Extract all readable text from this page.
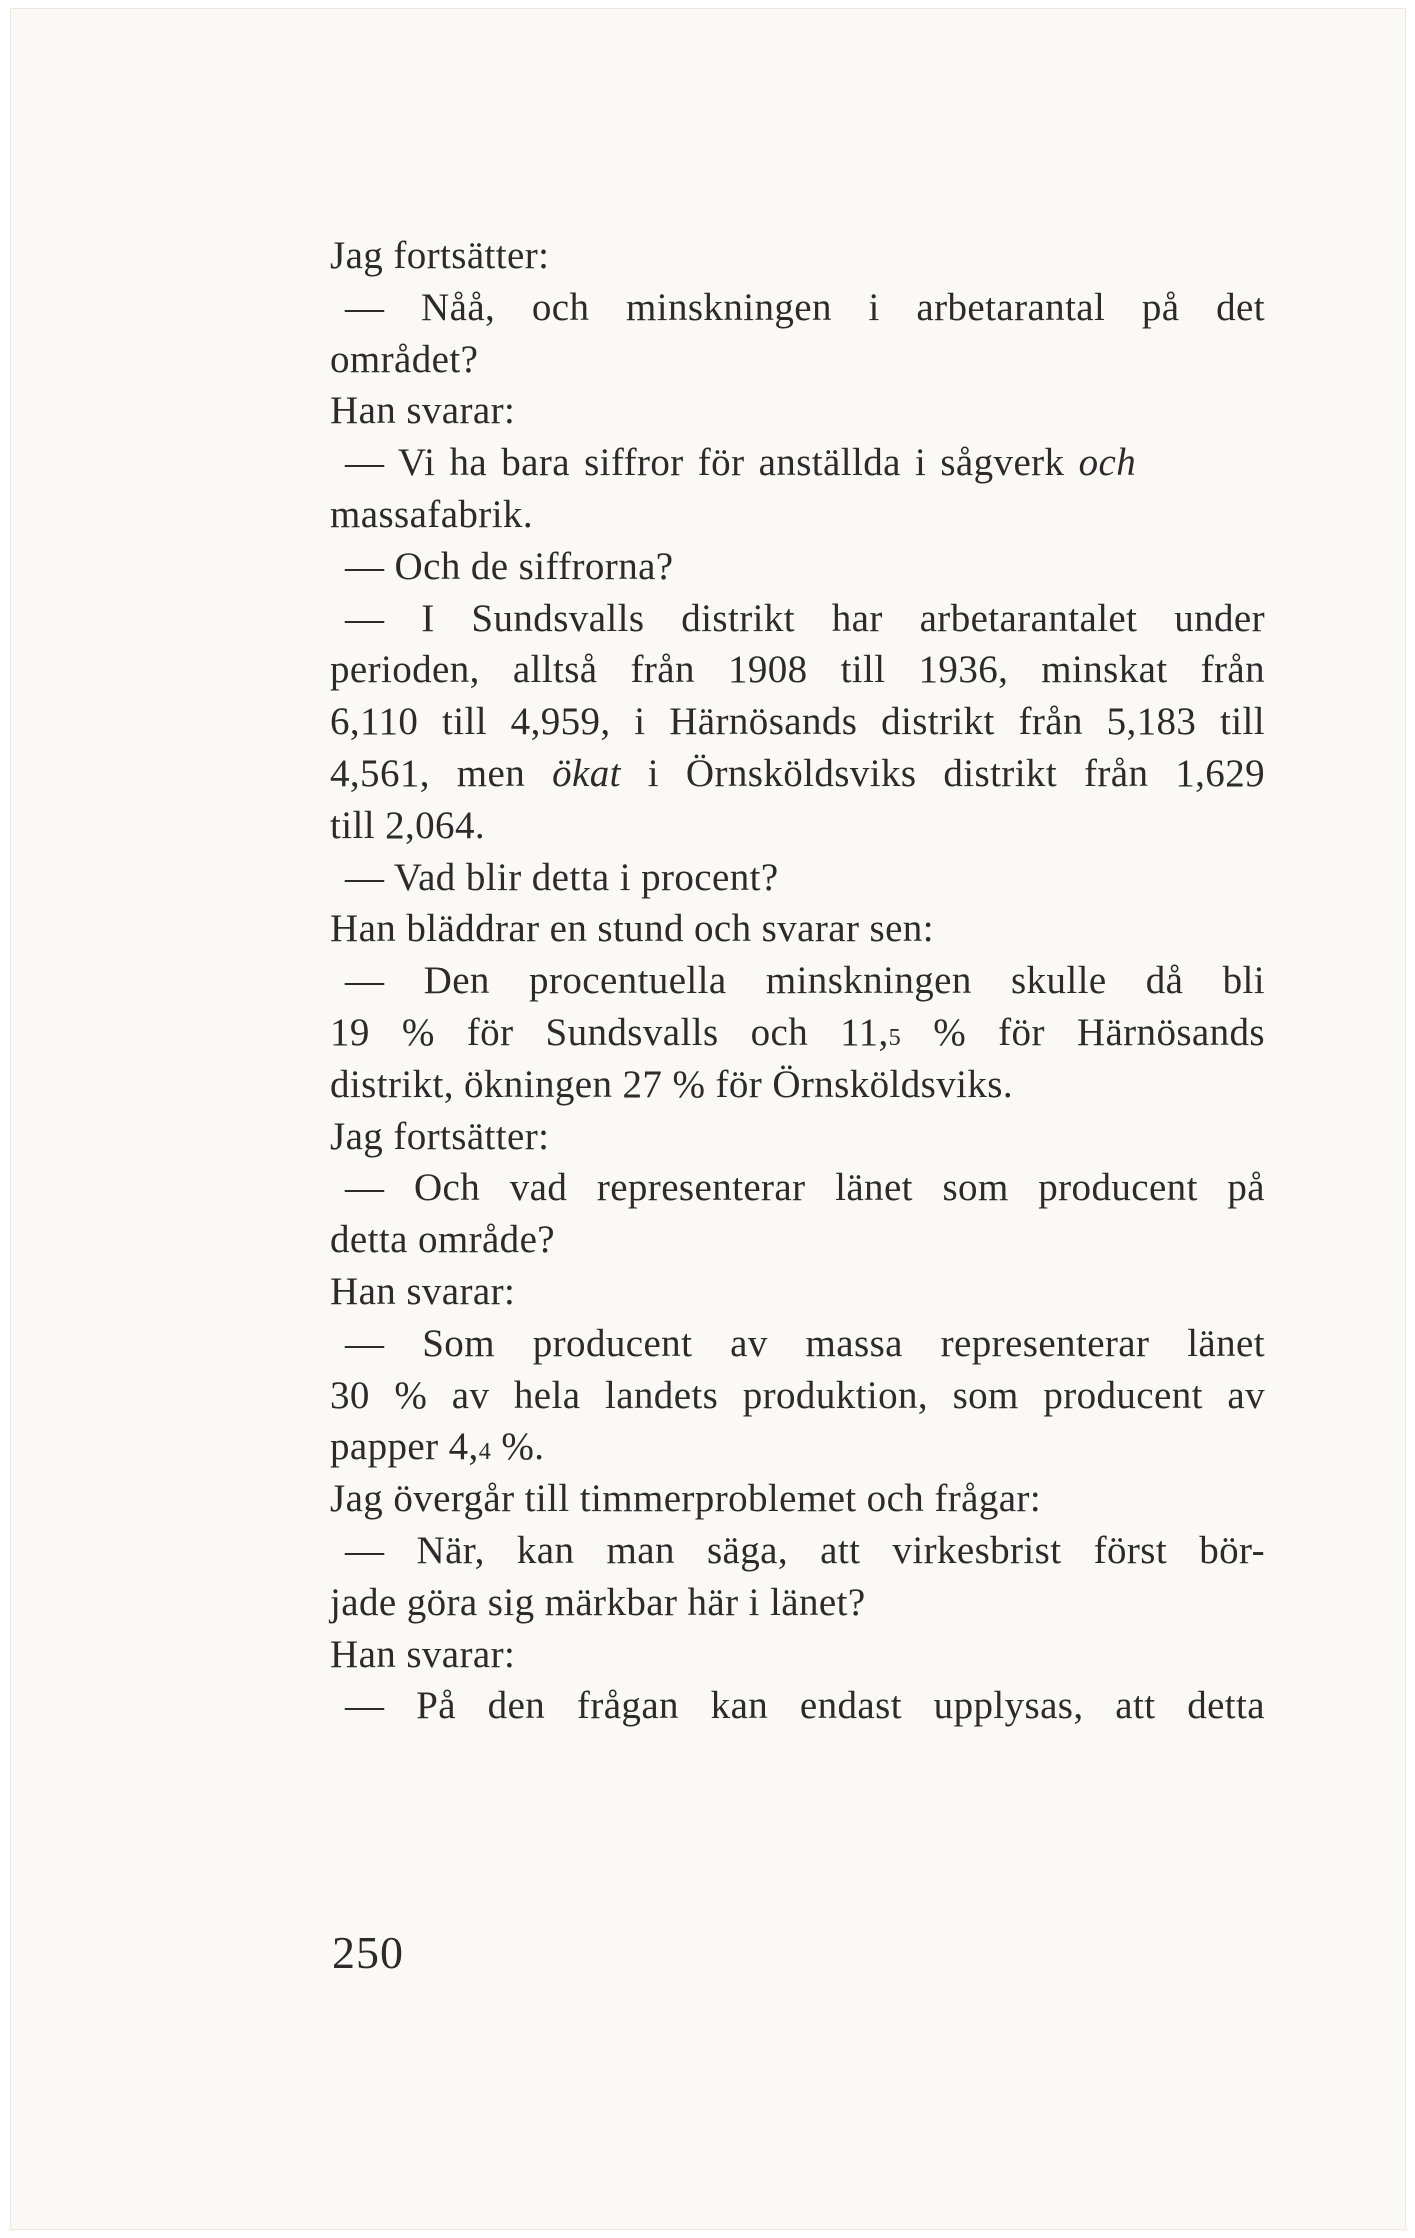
Jag fortsätter:
— Nåå, och minskningen i arbetarantal på det
området?
Han svarar:
— Vi ha bara siffror för anställda i sågverk och
massafabrik.
— Och de siffrorna?
— I Sundsvalls distrikt har arbetarantalet under
perioden, alltså från 1908 till 1936, minskat från
6,110 till 4,959, i Härnösands distrikt från 5,183 till
4,561, men ökat i Örnsköldsviks distrikt från 1,629
till 2,064.
— Vad blir detta i procent?
Han bläddrar en stund och svarar sen:
— Den procentuella minskningen skulle då bli
19 % för Sundsvalls och 11,5 % för Härnösands
distrikt, ökningen 27 % för Örnsköldsviks.
Jag fortsätter:
— Och vad representerar länet som producent på
detta område?
Han svarar:
— Som producent av massa representerar länet
30 % av hela landets produktion, som producent av
papper 4,4 %.
Jag övergår till timmerproblemet och frågar:
— När, kan man säga, att virkesbrist först bör-
jade göra sig märkbar här i länet?
Han svarar:
— På den frågan kan endast upplysas, att detta
250
